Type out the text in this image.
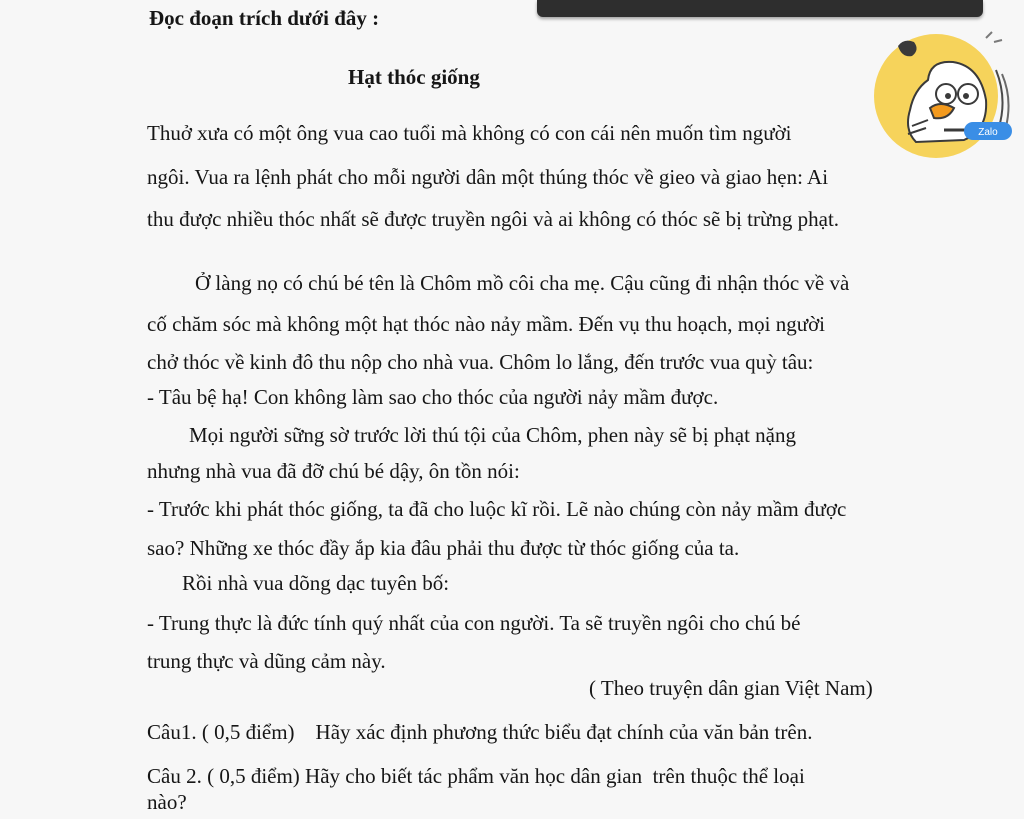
Đọc đoạn trích dưới đây :
Hạt thóc giống
Thuở xưa có một ông vua cao tuổi mà không có con cái nên muốn tìm người
ngôi. Vua ra lệnh phát cho mỗi người dân một thúng thóc về gieo và giao hẹn: Ai
thu được nhiều thóc nhất sẽ được truyền ngôi và ai không có thóc sẽ bị trừng phạt.
Ở làng nọ có chú bé tên là Chôm mồ côi cha mẹ. Cậu cũng đi nhận thóc về và
cố chăm sóc mà không một hạt thóc nào nảy mầm. Đến vụ thu hoạch, mọi người
chở thóc về kinh đô thu nộp cho nhà vua. Chôm lo lắng, đến trước vua quỳ tâu:
- Tâu bệ hạ! Con không làm sao cho thóc của người nảy mầm được.
Mọi người sững sờ trước lời thú tội của Chôm, phen này sẽ bị phạt nặng
nhưng nhà vua đã đỡ chú bé dậy, ôn tồn nói:
- Trước khi phát thóc giống, ta đã cho luộc kĩ rồi. Lẽ nào chúng còn nảy mầm được
sao? Những xe thóc đầy ắp kia đâu phải thu được từ thóc giống của ta.
Rồi nhà vua dõng dạc tuyên bố:
- Trung thực là đức tính quý nhất của con người. Ta sẽ truyền ngôi cho chú bé
trung thực và dũng cảm này.
( Theo truyện dân gian Việt Nam)
Câu1. ( 0,5 điểm)    Hãy xác định phương thức biểu đạt chính của văn bản trên.
Câu 2. ( 0,5 điểm) Hãy cho biết tác phẩm văn học dân gian  trên thuộc thể loại
nào?
Zalo
